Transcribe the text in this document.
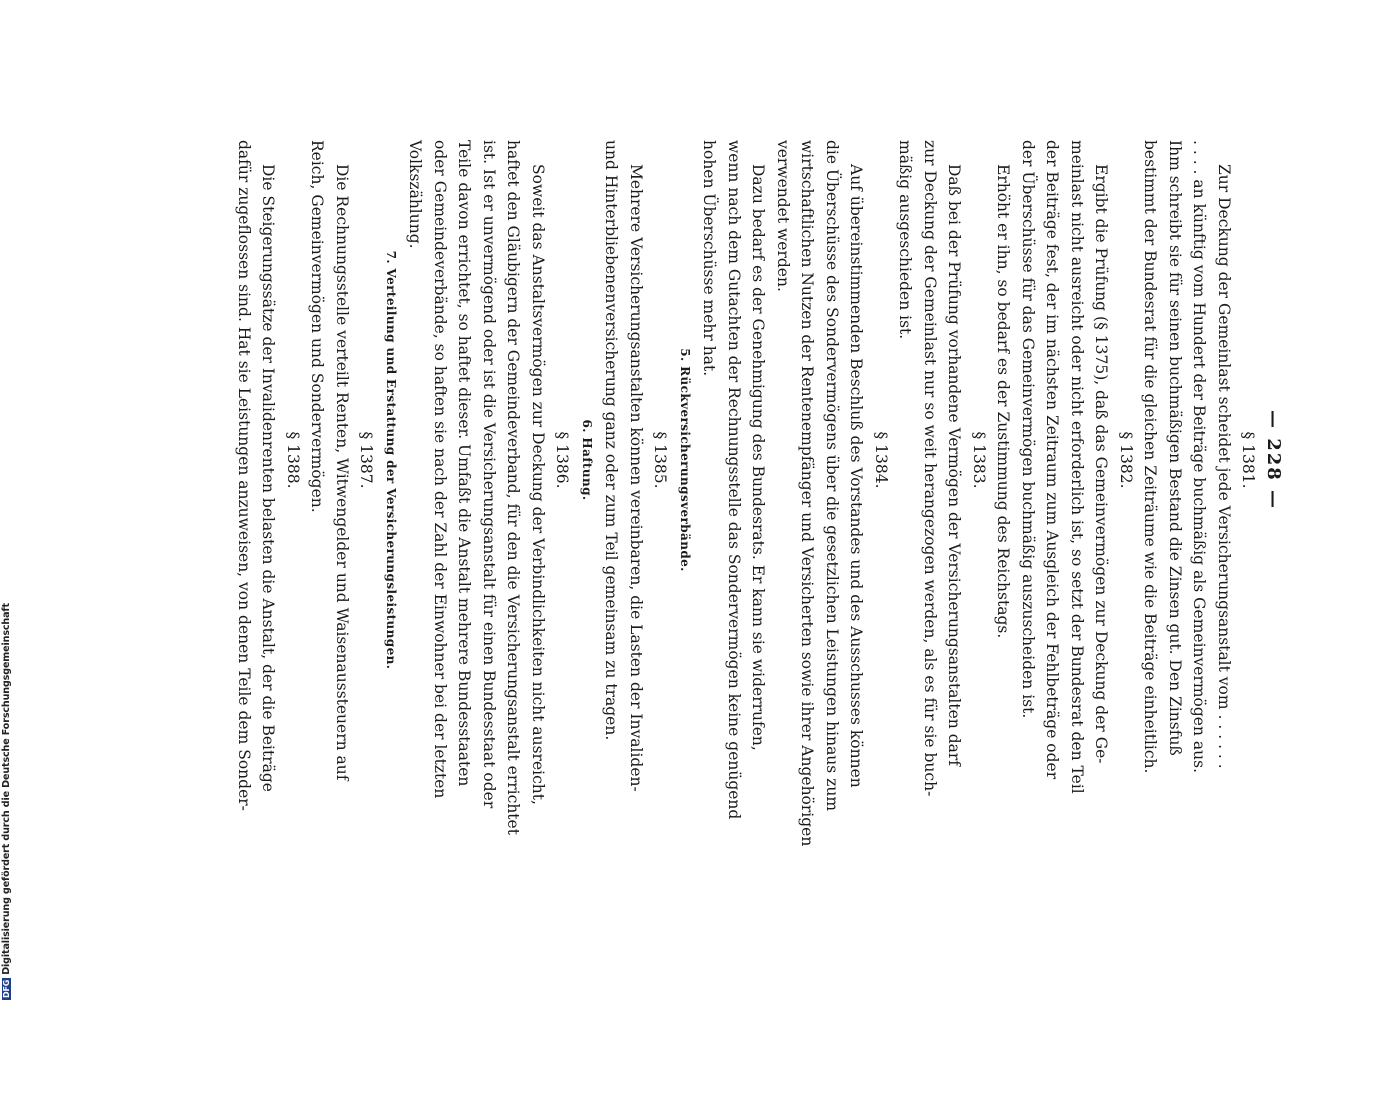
DFGDigitalisierung gefördert durch die Deutsche Forschungsgemeinschaft
— 228 —
§ 1381.
Zur Deckung der Gemeinlast scheidet jede Versicherungsanstalt vom . . . . . .
. . . . an künftig vom Hundert der Beiträge buchmäßig als Gemeinvermögen aus.
Ihm schreibt sie für seinen buchmäßigen Bestand die Zinsen gut. Den Zinsfuß
bestimmt der Bundesrat für die gleichen Zeiträume wie die Beiträge einheitlich.
§ 1382.
Ergibt die Prüfung (§ 1375), daß das Gemeinvermögen zur Deckung der Ge-
meinlast nicht ausreicht oder nicht erforderlich ist, so setzt der Bundesrat den Teil
der Beiträge fest, der im nächsten Zeitraum zum Ausgleich der Fehlbeträge oder
der Überschüsse für das Gemeinvermögen buchmäßig auszuscheiden ist.
Erhöht er ihn, so bedarf es der Zustimmung des Reichstags.
§ 1383.
Daß bei der Prüfung vorhandene Vermögen der Versicherungsanstalten darf
zur Deckung der Gemeinlast nur so weit herangezogen werden, als es für sie buch-
mäßig ausgeschieden ist.
§ 1384.
Auf übereinstimmenden Beschluß des Vorstandes und des Ausschusses können
die Überschüsse des Sondervermögens über die gesetzlichen Leistungen hinaus zum
wirtschaftlichen Nutzen der Rentenempfänger und Versicherten sowie ihrer Angehörigen
verwendet werden.
Dazu bedarf es der Genehmigung des Bundesrats. Er kann sie widerrufen,
wenn nach dem Gutachten der Rechnungsstelle das Sondervermögen keine genügend
hohen Überschüsse mehr hat.
5. Rückversicherungsverbände.
§ 1385.
Mehrere Versicherungsanstalten können vereinbaren, die Lasten der Invaliden-
und Hinterbliebenenversicherung ganz oder zum Teil gemeinsam zu tragen.
6. Haftung.
§ 1386.
Soweit das Anstaltsvermögen zur Deckung der Verbindlichkeiten nicht ausreicht,
haftet den Gläubigern der Gemeindeverband, für den die Versicherungsanstalt errichtet
ist. Ist er unvermögend oder ist die Versicherungsanstalt für einen Bundesstaat oder
Teile davon errichtet, so haftet dieser. Umfaßt die Anstalt mehrere Bundesstaaten
oder Gemeindeverbände, so haften sie nach der Zahl der Einwohner bei der letzten
Volkszählung.
7. Verteilung und Erstattung der Versicherungsleistungen.
§ 1387.
Die Rechnungsstelle verteilt Renten, Witwengelder und Waisenaussteuern auf
Reich, Gemeinvermögen und Sondervermögen.
§ 1388.
Die Steigerungssätze der Invalidenrenten belasten die Anstalt, der die Beiträge
dafür zugeflossen sind. Hat sie Leistungen anzuweisen, von denen Teile dem Sonder-
